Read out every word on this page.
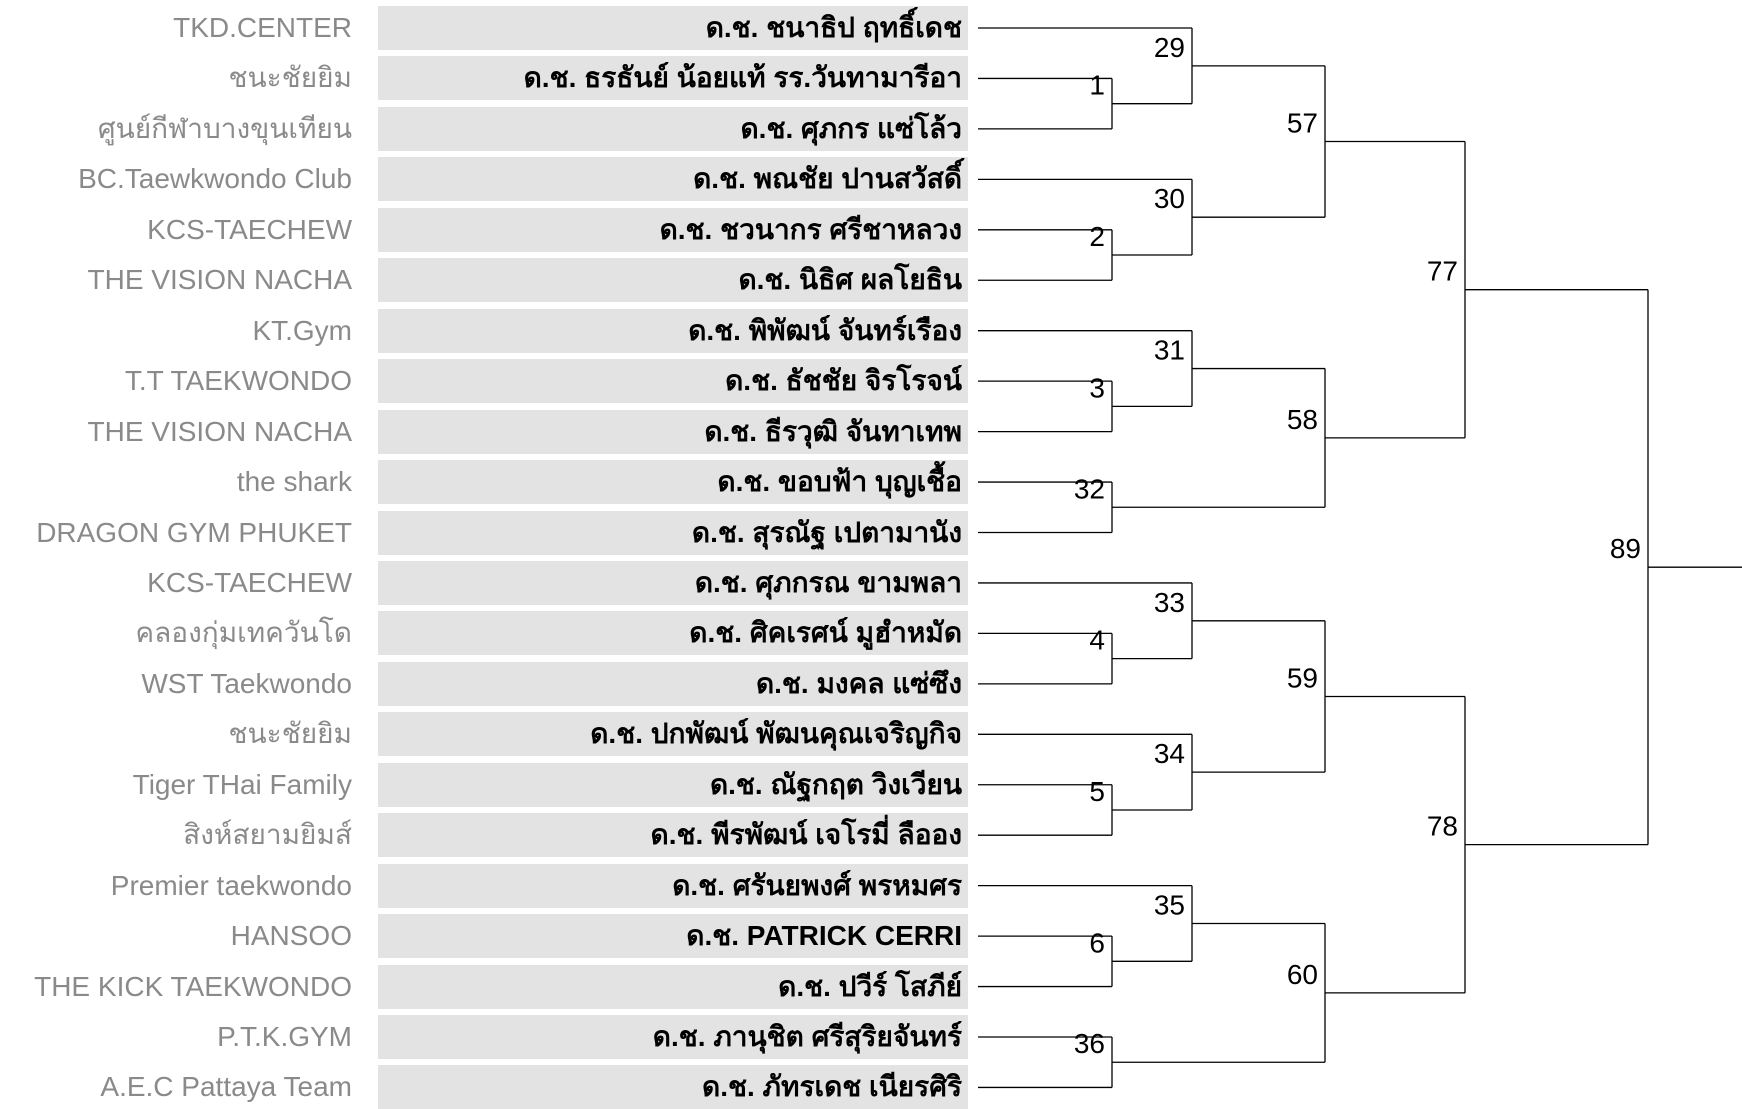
TKD.CENTER	ด.ช. ชนาธิป ฤทธิ์เดช
ชนะชัยยิม	ด.ช. ธรธันย์ น้อยแท้ รร.วันทามารีอา
ศูนย์กีฬาบางขุนเทียน	ด.ช. ศุภกร แซ่โล้ว
BC.Taewkwondo Club	ด.ช. พณชัย ปานสวัสดิ์
KCS-TAECHEW	ด.ช. ชวนากร ศรีชาหลวง
THE VISION NACHA	ด.ช. นิธิศ ผลโยธิน
KT.Gym	ด.ช. พิพัฒน์ จันทร์เรือง
T.T TAEKWONDO	ด.ช. ธัชชัย จิรโรจน์
THE VISION NACHA	ด.ช. ธีรวุฒิ จันทาเทพ
the shark	ด.ช. ขอบฟ้า บุญเชื้อ
DRAGON GYM PHUKET	ด.ช. สุรณัฐ เปตามานัง
KCS-TAECHEW	ด.ช. ศุภกรณ ขามพลา
คลองกุ่มเทควันโด	ด.ช. ศิคเรศน์ มูฮำหมัด
WST Taekwondo	ด.ช. มงคล แซ่ซึง
ชนะชัยยิม	ด.ช. ปกพัฒน์ พัฒนคุณเจริญกิจ
Tiger THai Family	ด.ช. ณัฐกฤต วิงเวียน
สิงห์สยามยิมส์	ด.ช. พีรพัฒน์ เจโรมี่ ลืออง
Premier taekwondo	ด.ช. ศรันยพงศ์ พรหมศร
HANSOO	ด.ช. PATRICK CERRI
THE KICK TAEKWONDO	ด.ช. ปวีร์ โสภีย์
P.T.K.GYM	ด.ช. ภานุชิต ศรีสุริยจันทร์
A.E.C Pattaya Team	ด.ช. ภัทรเดช เนียรศิริ
1
29
2
30
57
3
31
32
58
77
4
33
5
34
59
6
35
36
60
78
89
